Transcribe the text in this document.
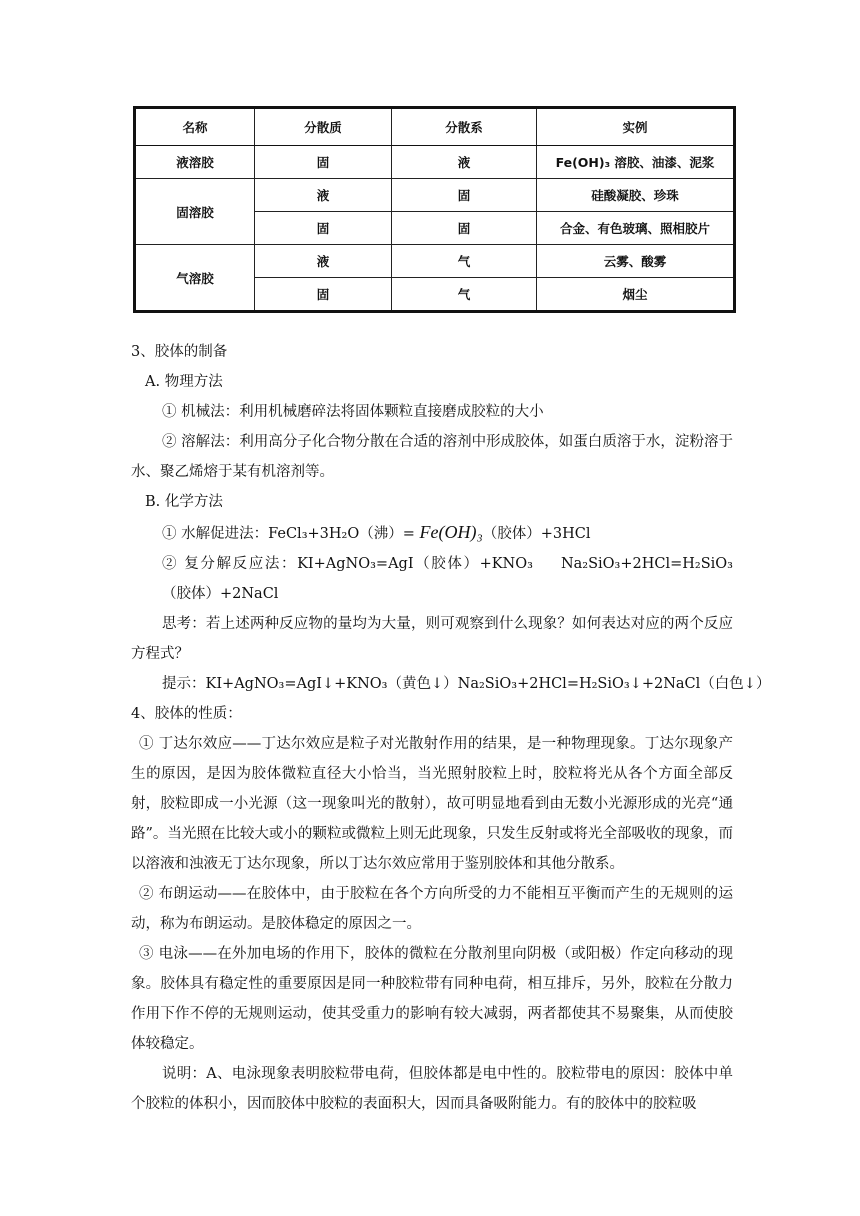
名称	分散质	分散系	实例
液溶胶	固	液	Fe(OH)₃ 溶胶、油漆、泥浆
固溶胶	液	固	硅酸凝胶、珍珠
	固	固	合金、有色玻璃、照相胶片
气溶胶	液	气	云雾、酸雾
	固	气	烟尘

3、胶体的制备

A. 物理方法

① 机械法：利用机械磨碎法将固体颗粒直接磨成胶粒的大小

② 溶解法：利用高分子化合物分散在合适的溶剂中形成胶体，如蛋白质溶于水，淀粉溶于水、聚乙烯熔于某有机溶剂等。

B. 化学方法

① 水解促进法：FeCl₃+3H₂O（沸）= Fe(OH)₃（胶体）+3HCl

② 复分解反应法：KI+AgNO₃=AgI（胶体）+KNO₃ Na₂SiO₃+2HCl=H₂SiO₃（胶体）+2NaCl

思考：若上述两种反应物的量均为大量，则可观察到什么现象？如何表达对应的两个反应方程式？

提示：KI+AgNO₃=AgI↓+KNO₃（黄色↓） Na₂SiO₃+2HCl=H₂SiO₃↓+2NaCl（白色↓）

4、胶体的性质：

① 丁达尔效应——丁达尔效应是粒子对光散射作用的结果，是一种物理现象。丁达尔现象产生的原因，是因为胶体微粒直径大小恰当，当光照射胶粒上时，胶粒将光从各个方面全部反射，胶粒即成一小光源（这一现象叫光的散射），故可明显地看到由无数小光源形成的光亮“通路”。当光照在比较大或小的颗粒或微粒上则无此现象，只发生反射或将光全部吸收的现象，而以溶液和浊液无丁达尔现象，所以丁达尔效应常用于鉴别胶体和其他分散系。

② 布朗运动——在胶体中，由于胶粒在各个方向所受的力不能相互平衡而产生的无规则的运动，称为布朗运动。是胶体稳定的原因之一。

③ 电泳——在外加电场的作用下，胶体的微粒在分散剂里向阴极（或阳极）作定向移动的现象。胶体具有稳定性的重要原因是同一种胶粒带有同种电荷，相互排斥，另外，胶粒在分散力作用下作不停的无规则运动，使其受重力的影响有较大减弱，两者都使其不易聚集，从而使胶体较稳定。

说明：A、电泳现象表明胶粒带电荷，但胶体都是电中性的。胶粒带电的原因：胶体中单个胶粒的体积小，因而胶体中胶粒的表面积大，因而具备吸附能力。有的胶体中的胶粒吸
